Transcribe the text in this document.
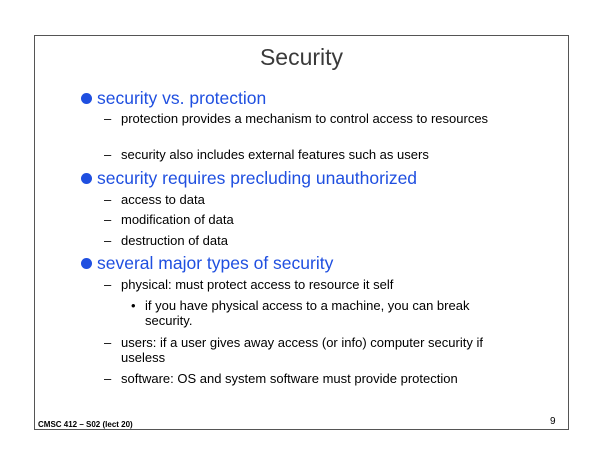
Security
security vs. protection
– protection provides a mechanism to control access to resources
– security also includes external features such as users
security requires precluding unauthorized
– access to data
– modification of data
– destruction of data
several major types of security
– physical: must protect access to resource it self
• if you have physical access to a machine, you can break security.
– users: if a user gives away access (or info) computer security if useless
– software: OS and system software must provide protection
CMSC 412 – S02 (lect 20)	9
